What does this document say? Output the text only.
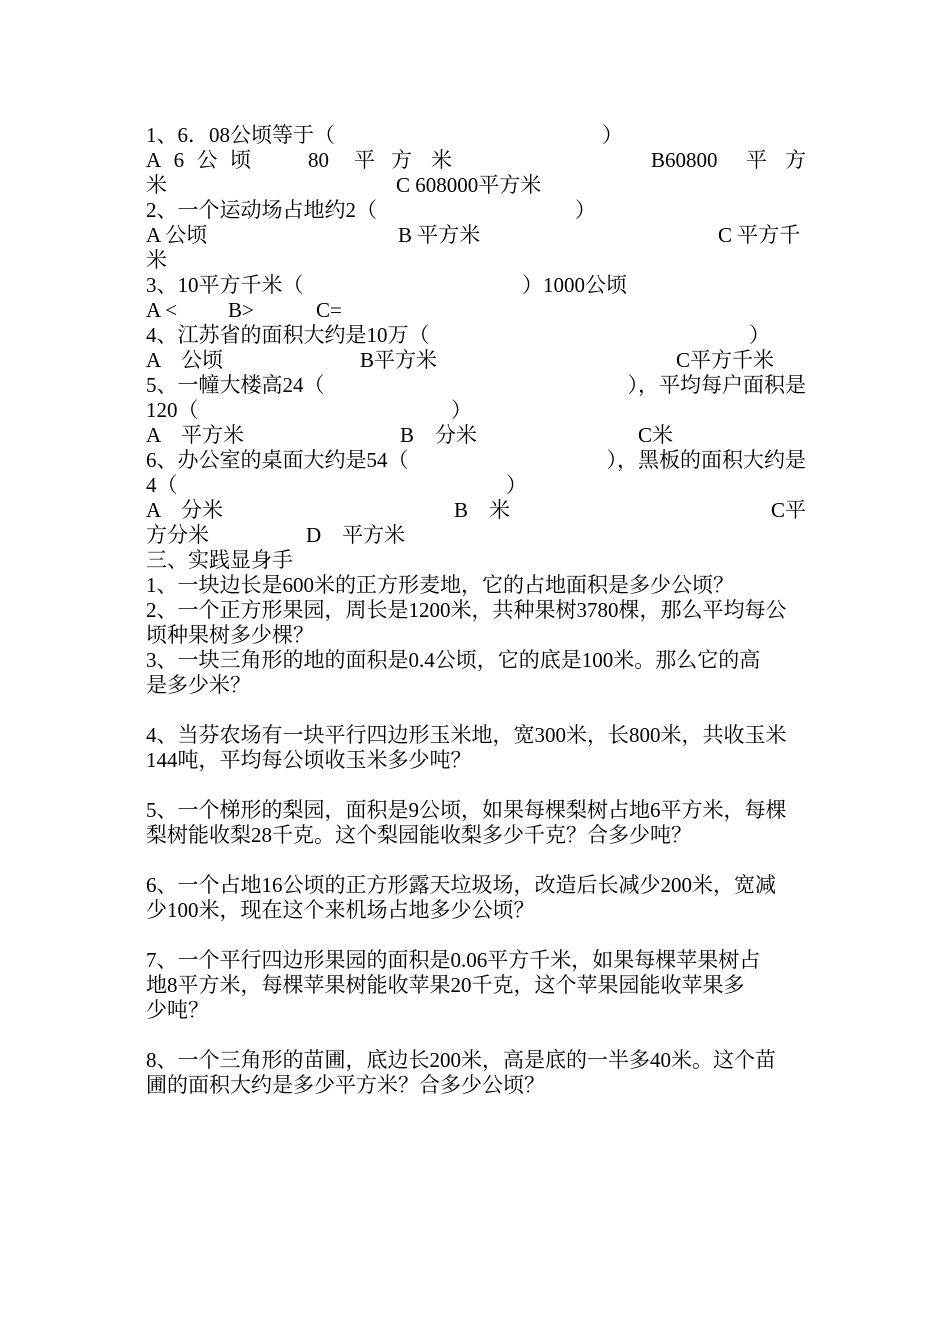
1、6．08公顷等于（	）
A 6 公 顷	80 平 方 米	B60800 平 方
米	C 608000平方米
2、一个运动场占地约2（	）
A 公顷	B 平方米	C 平方千
米
3、10平方千米（	）1000公顷
A < B>	C=
4、江苏省的面积大约是10万（	）
A　公顷	B平方米	C平方千米
5、一幢大楼高24（	），平均每户面积是
120（	）
A　平方米	B　分米	C米
6、办公室的桌面大约是54（	），黑板的面积大约是
4（	）
A　分米	B　米	C平
方分米	D　平方米
三、实践显身手
1、一块边长是600米的正方形麦地，它的占地面积是多少公顷？
2、一个正方形果园，周长是1200米，共种果树3780棵，那么平均每公
顷种果树多少棵？
3、一块三角形的地的面积是0.4公顷，它的底是100米。那么它的高
是多少米？
4、当芬农场有一块平行四边形玉米地，宽300米，长800米，共收玉米
144吨，平均每公顷收玉米多少吨？
5、一个梯形的梨园，面积是9公顷，如果每棵梨树占地6平方米，每棵
梨树能收梨28千克。这个梨园能收梨多少千克？合多少吨？
6、一个占地16公顷的正方形露天垃圾场，改造后长减少200米，宽减
少100米，现在这个来机场占地多少公顷？
7、一个平行四边形果园的面积是0.06平方千米，如果每棵苹果树占
地8平方米，每棵苹果树能收苹果20千克，这个苹果园能收苹果多
少吨？
8、一个三角形的苗圃，底边长200米，高是底的一半多40米。这个苗
圃的面积大约是多少平方米？合多少公顷？
